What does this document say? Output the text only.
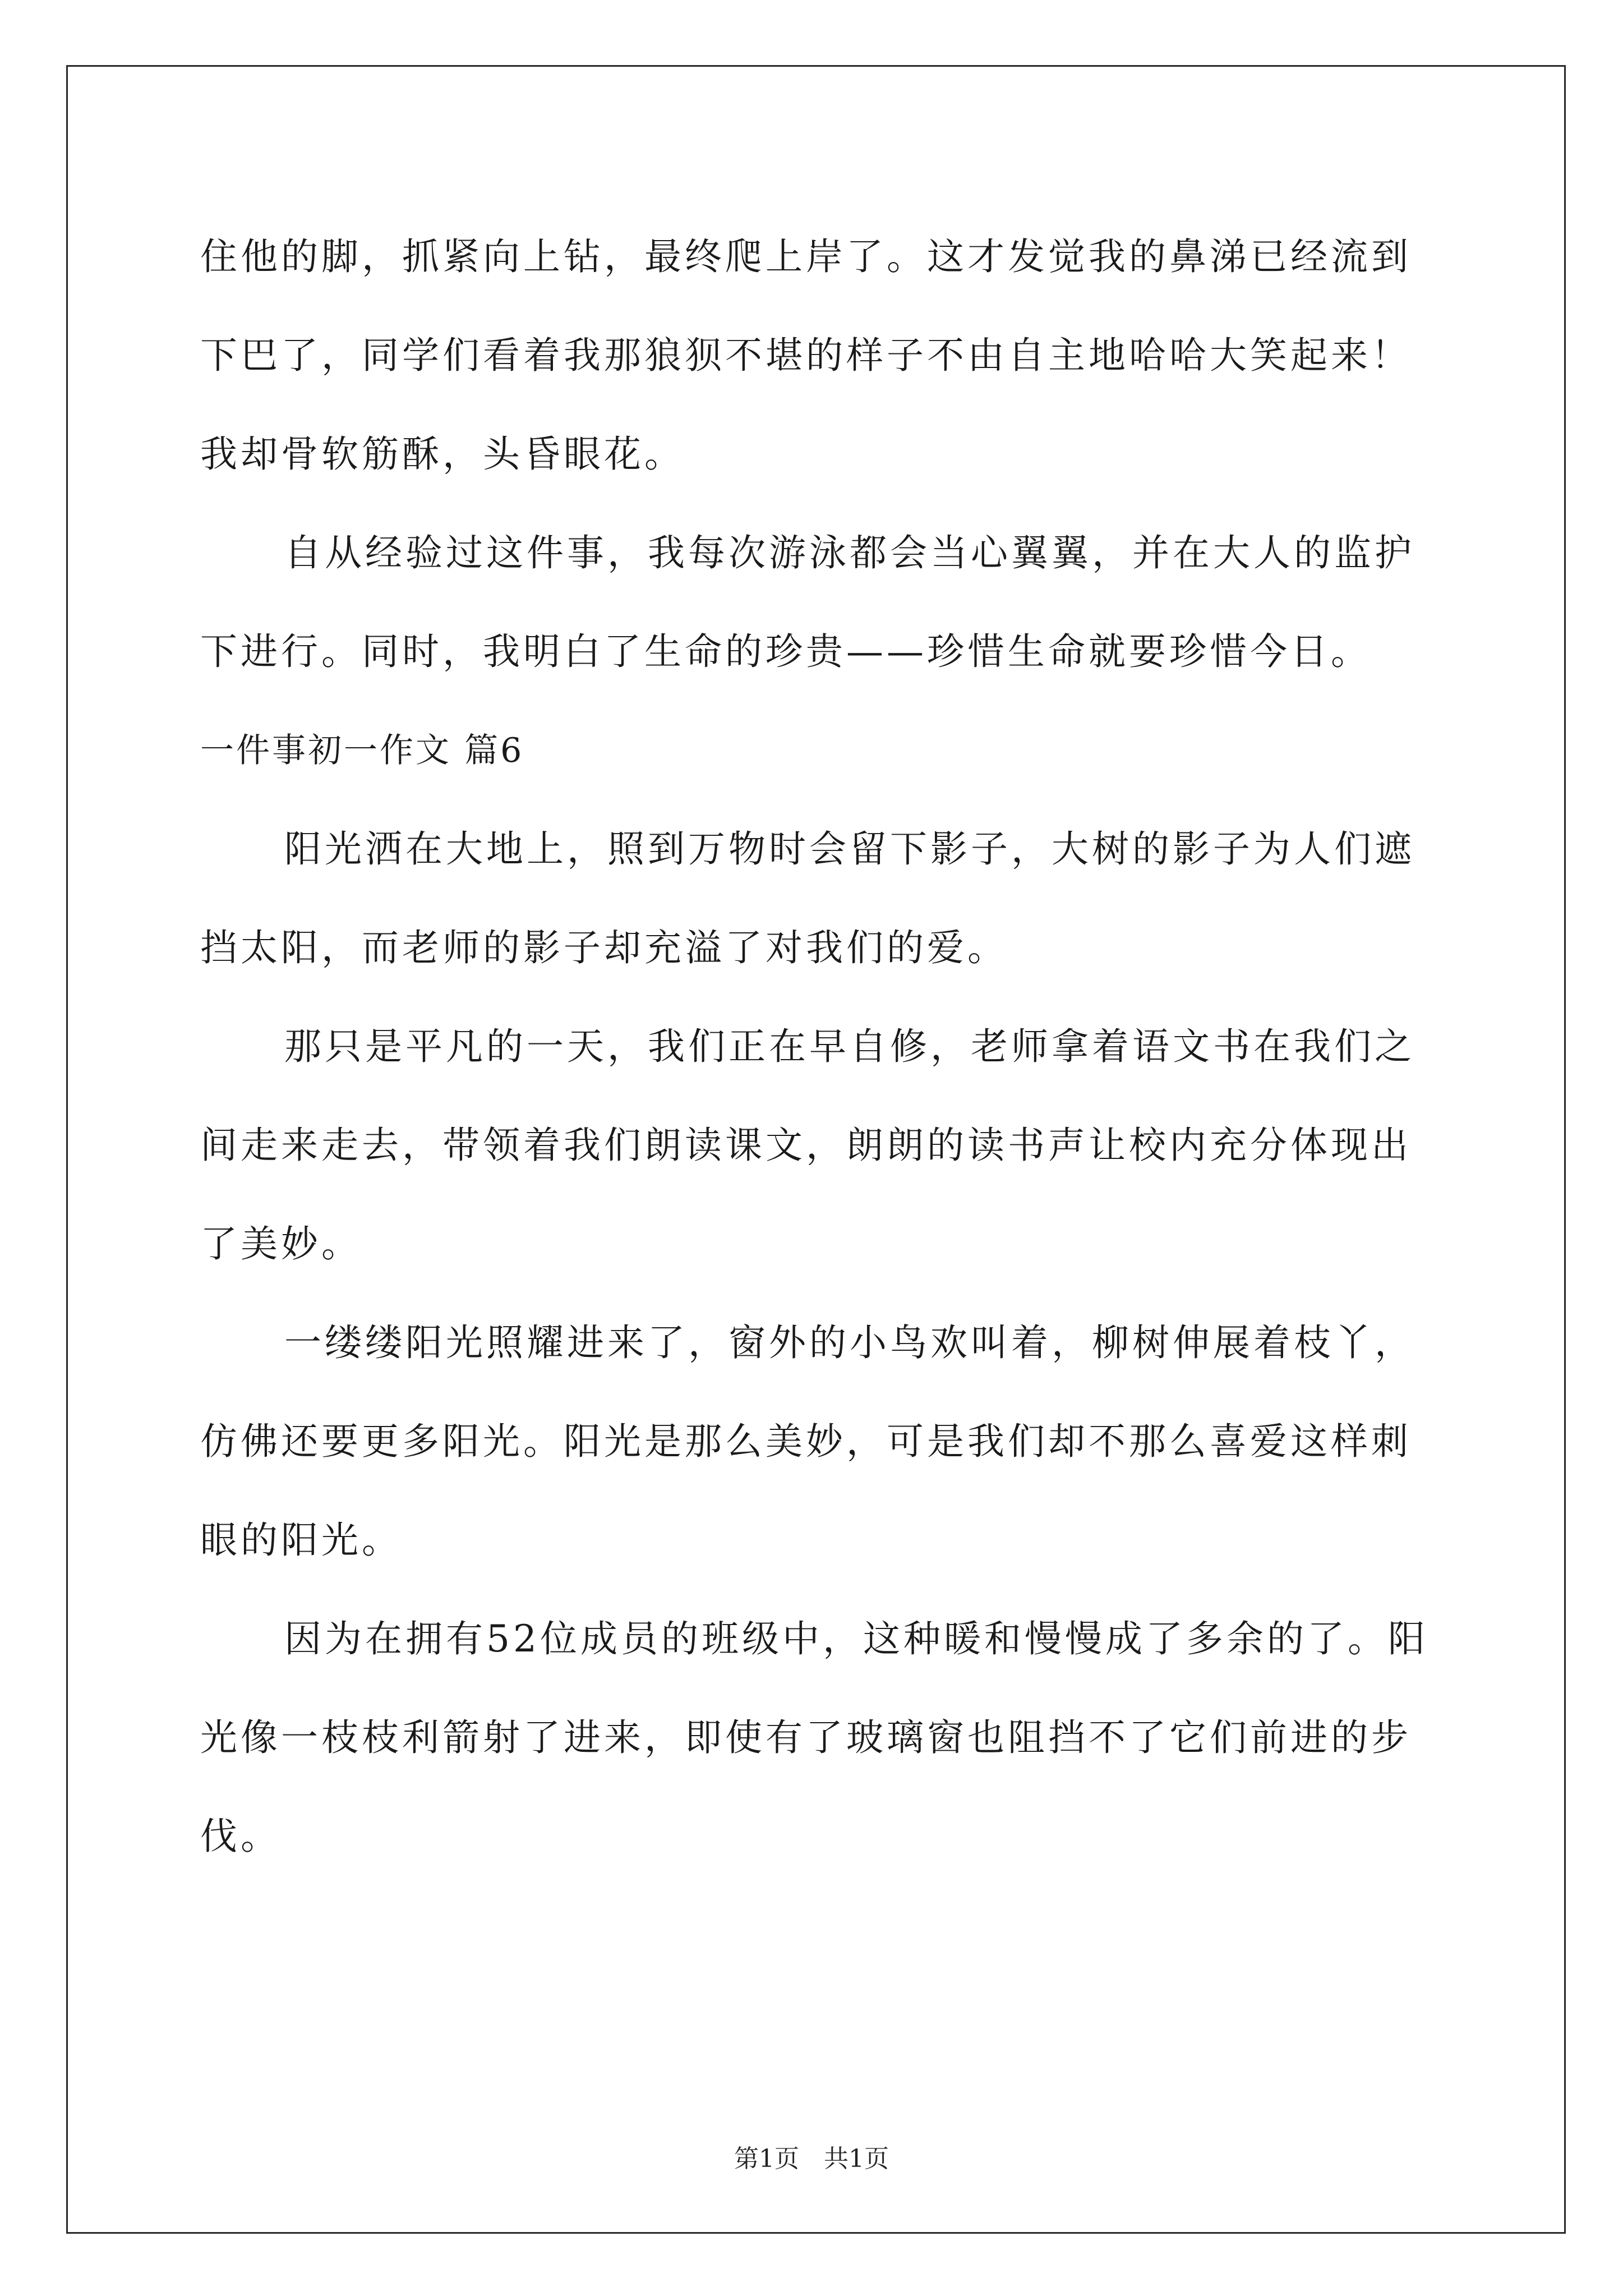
住他的脚，抓紧向上钻，最终爬上岸了。这才发觉我的鼻涕已经流到
下巴了，同学们看着我那狼狈不堪的样子不由自主地哈哈大笑起来！
我却骨软筋酥，头昏眼花。
自从经验过这件事，我每次游泳都会当心翼翼，并在大人的监护
下进行。同时，我明白了生命的珍贵——珍惜生命就要珍惜今日。
一件事初一作文 篇6
阳光洒在大地上，照到万物时会留下影子，大树的影子为人们遮
挡太阳，而老师的影子却充溢了对我们的爱。
那只是平凡的一天，我们正在早自修，老师拿着语文书在我们之
间走来走去，带领着我们朗读课文，朗朗的读书声让校内充分体现出
了美妙。
一缕缕阳光照耀进来了，窗外的小鸟欢叫着，柳树伸展着枝丫，
仿佛还要更多阳光。阳光是那么美妙，可是我们却不那么喜爱这样刺
眼的阳光。
因为在拥有52位成员的班级中，这种暖和慢慢成了多余的了。阳
光像一枝枝利箭射了进来，即使有了玻璃窗也阻挡不了它们前进的步
伐。
第1页　共1页
